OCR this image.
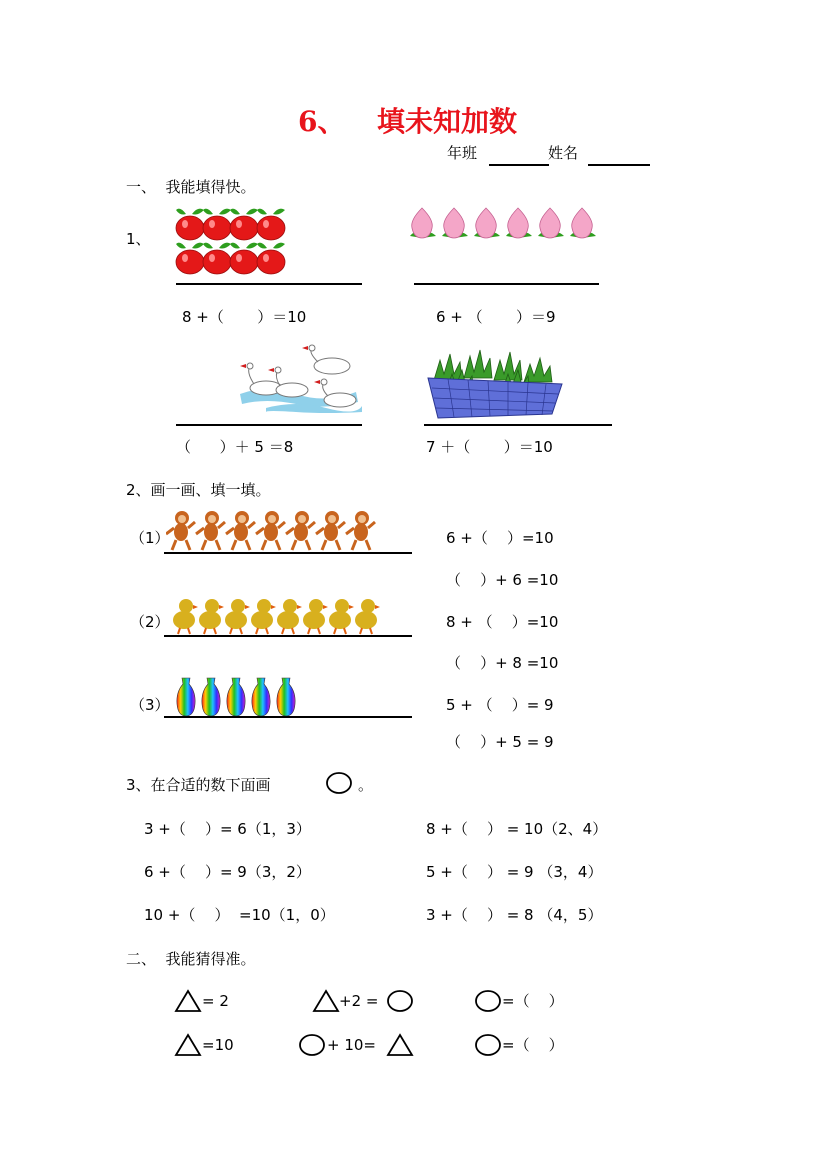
6、 填未知加数
年班	姓名
一、  我能填得快。
1、
8 +（       ）＝10	6 + （       ）＝9
（      ）＋ 5 ＝8	7 ＋（       ）＝10
2、画一画、填一填。
（1）
（2）
（3）
6 +（    ）=10
（    ）+ 6 =10
8 + （    ）=10
（    ）+ 8 =10
5 + （    ）= 9
（    ）+ 5 = 9
3、在合适的数下面画	。
3 +（    ）= 6（1，3）
6 +（    ）= 9（3，2）
10 +（    ）  =10（1，0）
8 +（    ） = 10（2、4）
5 +（    ） = 9 （3，4）
3 +（    ） = 8 （4，5）
二、  我能猜得准。
= 2	+2 =	=（    ）
=10	+ 10=	=（    ）
